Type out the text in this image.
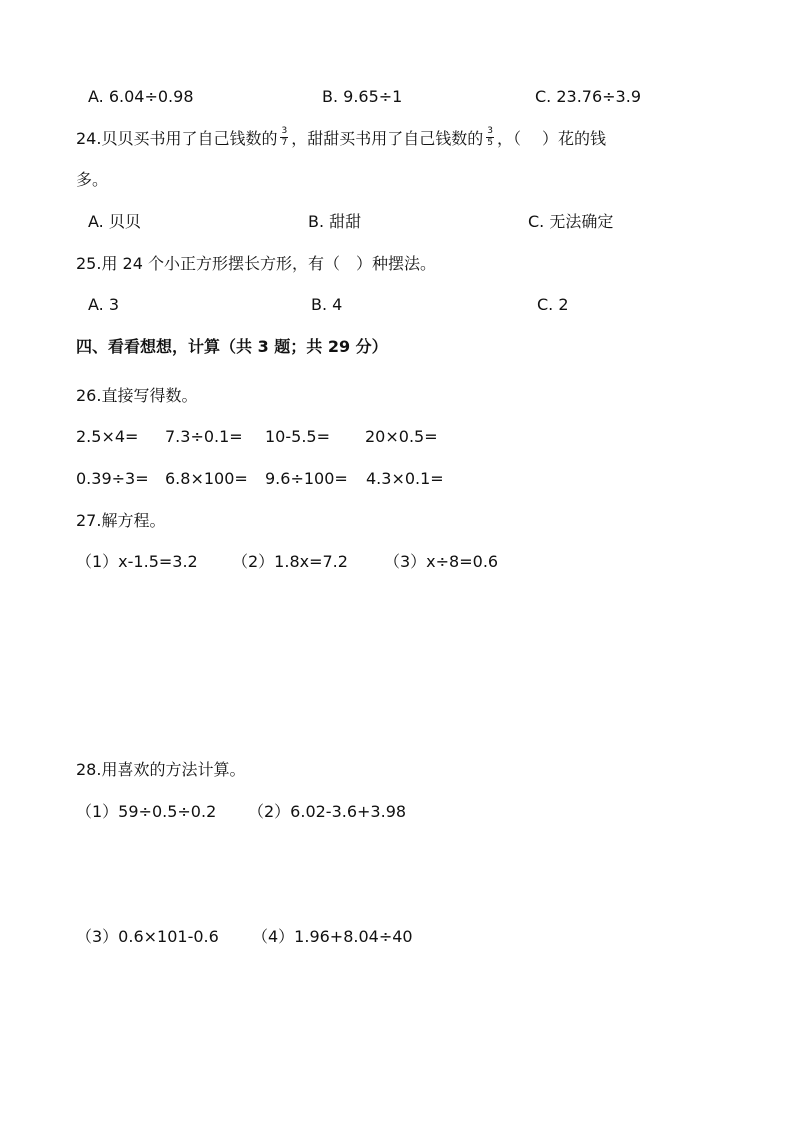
A. 6.04÷0.98	B. 9.65÷1	C. 23.76÷3.9
24.贝贝买书用了自己钱数的 $\frac{3}{7}$ ，甜甜买书用了自己钱数的 $\frac{3}{5}$ ，（　 ）花的钱
多。
A. 贝贝	B. 甜甜	C. 无法确定
25.用 24 个小正方形摆长方形，有（　）种摆法。
A. 3	B. 4	C. 2
四、看看想想，计算（共 3 题；共 29 分）
26.直接写得数。
2.5×4= 7.3÷0.1= 10-5.5= 20×0.5=
0.39÷3= 6.8×100= 9.6÷100= 4.3×0.1=
27.解方程。
（1）x-1.5=3.2 （2）1.8x=7.2 （3）x÷8=0.6
28.用喜欢的方法计算。
（1）59÷0.5÷0.2 （2）6.02-3.6+3.98
（3）0.6×101-0.6 （4）1.96+8.04÷40
